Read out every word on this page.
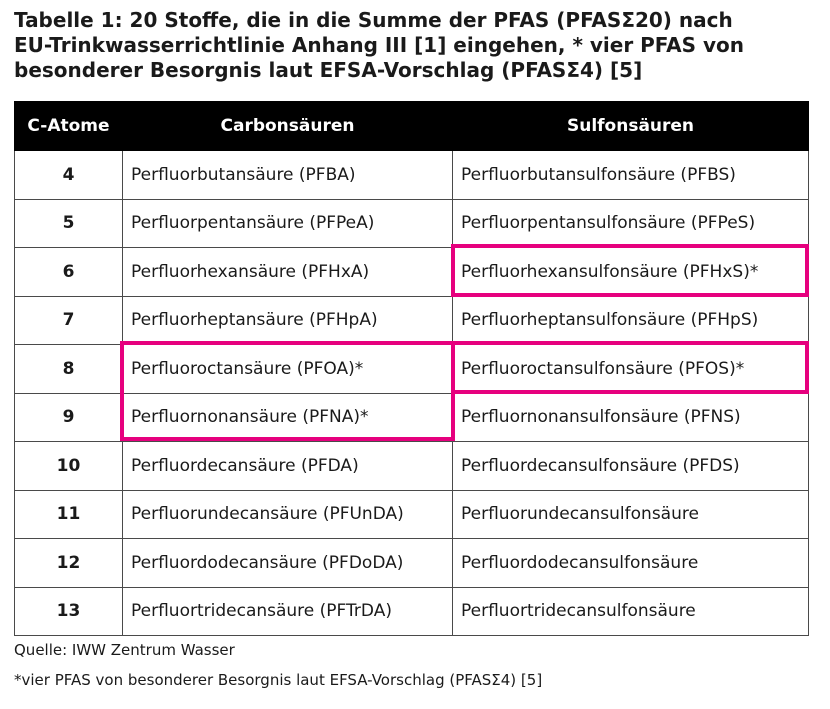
Tabelle 1: 20 Stoffe, die in die Summe der PFAS (PFASΣ20) nach
EU-Trinkwasserrichtlinie Anhang III [1] eingehen, * vier PFAS von
besonderer Besorgnis laut EFSA-Vorschlag (PFASΣ4) [5]
C-Atome	Carbonsäuren	Sulfonsäuren
4	Perfluorbutansäure (PFBA)	Perfluorbutansulfonsäure (PFBS)
5	Perfluorpentansäure (PFPeA)	Perfluorpentansulfonsäure (PFPeS)
6	Perfluorhexansäure (PFHxA)	Perfluorhexansulfonsäure (PFHxS)*
7	Perfluorheptansäure (PFHpA)	Perfluorheptansulfonsäure (PFHpS)
8	Perfluoroctansäure (PFOA)*	Perfluoroctansulfonsäure (PFOS)*
9	Perfluornonansäure (PFNA)*	Perfluornonansulfonsäure (PFNS)
10	Perfluordecansäure (PFDA)	Perfluordecansulfonsäure (PFDS)
11	Perfluorundecansäure (PFUnDA)	Perfluorundecansulfonsäure
12	Perfluordodecansäure (PFDoDA)	Perfluordodecansulfonsäure
13	Perfluortridecansäure (PFTrDA)	Perfluortridecansulfonsäure
Quelle: IWW Zentrum Wasser
*vier PFAS von besonderer Besorgnis laut EFSA-Vorschlag (PFASΣ4) [5]
